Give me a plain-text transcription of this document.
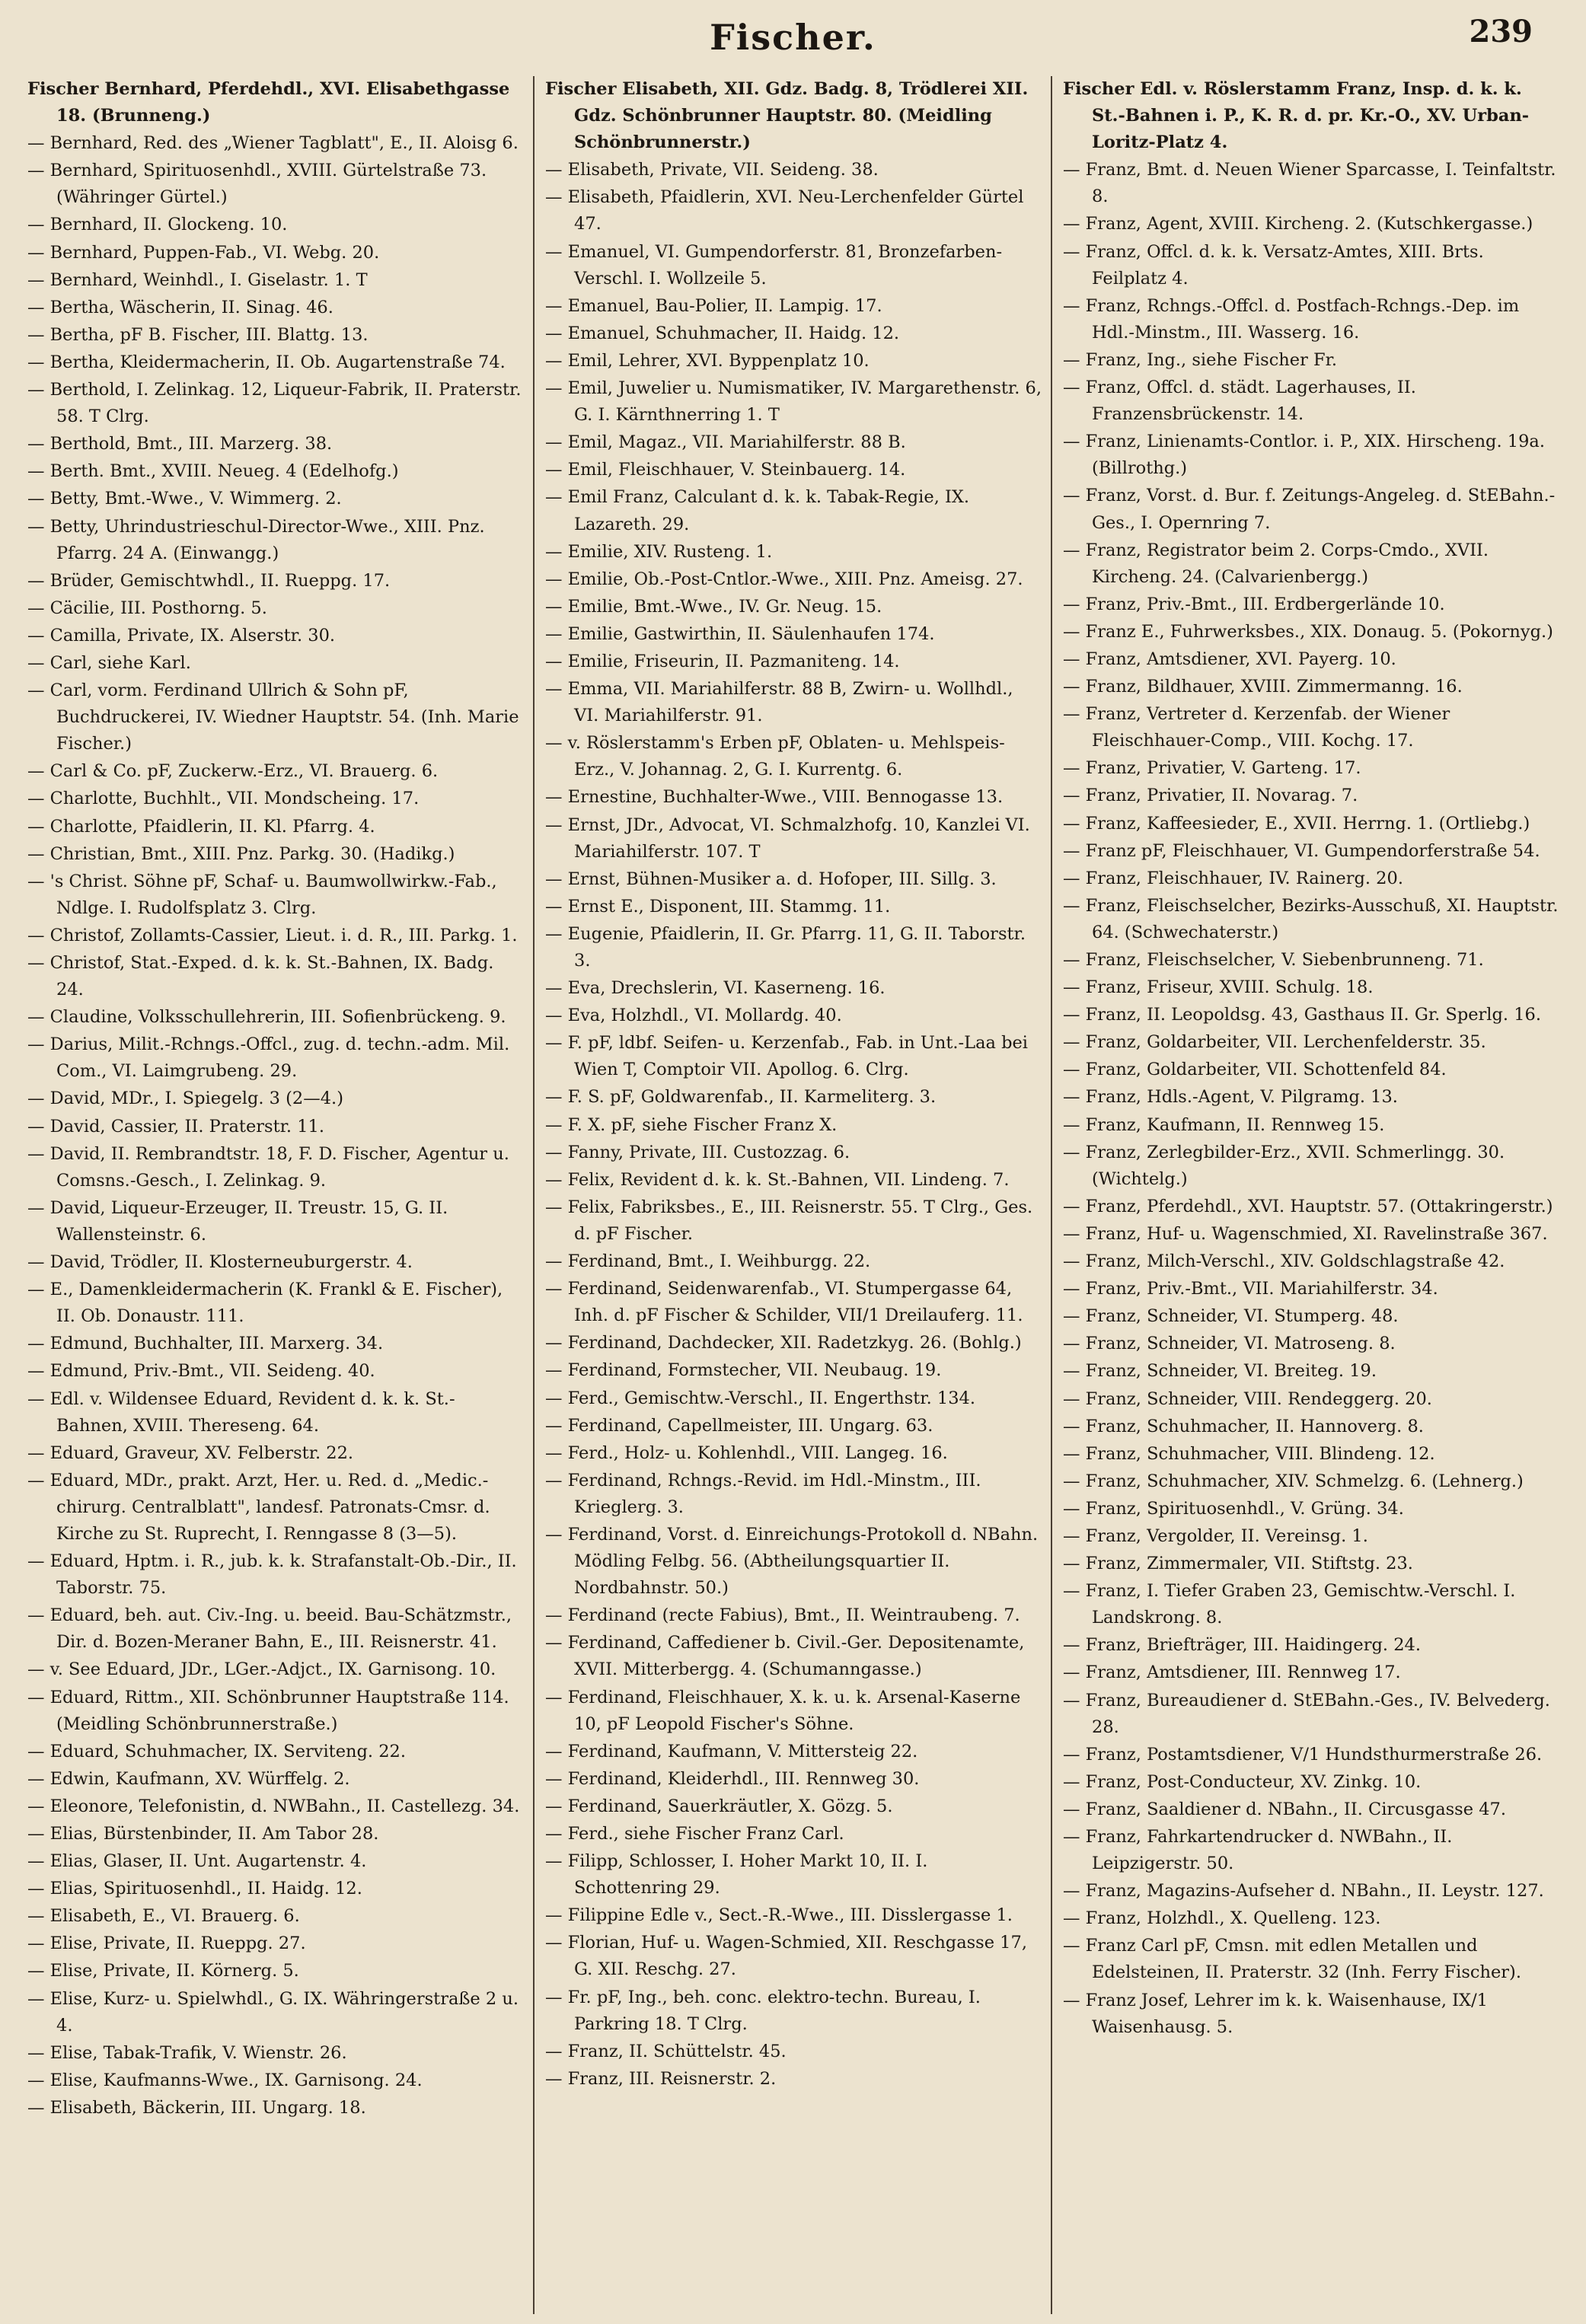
Fischer.	239

Fischer Bernhard, Pferdehdl., XVI. Elisabethgasse 18. (Brunneng.)

— Bernhard, Red. des „Wiener Tagblatt", E., II. Aloisg 6.

— Bernhard, Spirituosenhdl., XVIII. Gürtelstraße 73. (Währinger Gürtel.)

— Bernhard, II. Glockeng. 10.

— Bernhard, Puppen-Fab., VI. Webg. 20.

— Bernhard, Weinhdl., I. Giselastr. 1. T

— Bertha, Wäscherin, II. Sinag. 46.

— Bertha, pF B. Fischer, III. Blattg. 13.

— Bertha, Kleidermacherin, II. Ob. Augartenstraße 74.

— Berthold, I. Zelinkag. 12, Liqueur-Fabrik, II. Praterstr. 58. T Clrg.

— Berthold, Bmt., III. Marzerg. 38.

— Berth. Bmt., XVIII. Neueg. 4 (Edelhofg.)

— Betty, Bmt.-Wwe., V. Wimmerg. 2.

— Betty, Uhrindustrieschul-Director-Wwe., XIII. Pnz. Pfarrg. 24 A. (Einwangg.)

— Brüder, Gemischtwhdl., II. Rueppg. 17.

— Cäcilie, III. Posthorng. 5.

— Camilla, Private, IX. Alserstr. 30.

— Carl, siehe Karl.

— Carl, vorm. Ferdinand Ullrich & Sohn pF, Buchdruckerei, IV. Wiedner Hauptstr. 54. (Inh. Marie Fischer.)

— Carl & Co. pF, Zuckerw.-Erz., VI. Brauerg. 6.

— Charlotte, Buchhlt., VII. Mondscheing. 17.

— Charlotte, Pfaidlerin, II. Kl. Pfarrg. 4.

— Christian, Bmt., XIII. Pnz. Parkg. 30. (Hadikg.)

— 's Christ. Söhne pF, Schaf- u. Baumwollwirkw.-Fab., Ndlge. I. Rudolfsplatz 3. Clrg.

— Christof, Zollamts-Cassier, Lieut. i. d. R., III. Parkg. 1.

— Christof, Stat.-Exped. d. k. k. St.-Bahnen, IX. Badg. 24.

— Claudine, Volksschullehrerin, III. Sofienbrückeng. 9.

— Darius, Milit.-Rchngs.-Offcl., zug. d. techn.-adm. Mil. Com., VI. Laimgrubeng. 29.

— David, MDr., I. Spiegelg. 3 (2—4.)

— David, Cassier, II. Praterstr. 11.

— David, II. Rembrandtstr. 18, F. D. Fischer, Agentur u. Comsns.-Gesch., I. Zelinkag. 9.

— David, Liqueur-Erzeuger, II. Treustr. 15, G. II. Wallensteinstr. 6.

— David, Trödler, II. Klosterneuburgerstr. 4.

— E., Damenkleidermacherin (K. Frankl & E. Fischer), II. Ob. Donaustr. 111.

— Edmund, Buchhalter, III. Marxerg. 34.

— Edmund, Priv.-Bmt., VII. Seideng. 40.

— Edl. v. Wildensee Eduard, Revident d. k. k. St.-Bahnen, XVIII. Thereseng. 64.

— Eduard, Graveur, XV. Felberstr. 22.

— Eduard, MDr., prakt. Arzt, Her. u. Red. d. „Medic.-chirurg. Centralblatt", landesf. Patronats-Cmsr. d. Kirche zu St. Ruprecht, I. Renngasse 8 (3—5).

— Eduard, Hptm. i. R., jub. k. k. Strafanstalt-Ob.-Dir., II. Taborstr. 75.

— Eduard, beh. aut. Civ.-Ing. u. beeid. Bau-Schätzmstr., Dir. d. Bozen-Meraner Bahn, E., III. Reisnerstr. 41.

— v. See Eduard, JDr., LGer.-Adjct., IX. Garnisong. 10.

— Eduard, Rittm., XII. Schönbrunner Hauptstraße 114. (Meidling Schönbrunnerstraße.)

— Eduard, Schuhmacher, IX. Serviteng. 22.

— Edwin, Kaufmann, XV. Würffelg. 2.

— Eleonore, Telefonistin, d. NWBahn., II. Castellezg. 34.

— Elias, Bürstenbinder, II. Am Tabor 28.

— Elias, Glaser, II. Unt. Augartenstr. 4.

— Elias, Spirituosenhdl., II. Haidg. 12.

— Elisabeth, E., VI. Brauerg. 6.

— Elise, Private, II. Rueppg. 27.

— Elise, Private, II. Körnerg. 5.

— Elise, Kurz- u. Spielwhdl., G. IX. Währingerstraße 2 u. 4.

— Elise, Tabak-Trafik, V. Wienstr. 26.

— Elise, Kaufmanns-Wwe., IX. Garnisong. 24.

— Elisabeth, Bäckerin, III. Ungarg. 18.

Fischer Elisabeth, XII. Gdz. Badg. 8, Trödlerei XII. Gdz. Schönbrunner Hauptstr. 80. (Meidling Schönbrunnerstr.)

— Elisabeth, Private, VII. Seideng. 38.

— Elisabeth, Pfaidlerin, XVI. Neu-Lerchenfelder Gürtel 47.

— Emanuel, VI. Gumpendorferstr. 81, Bronzefarben-Verschl. I. Wollzeile 5.

— Emanuel, Bau-Polier, II. Lampig. 17.

— Emanuel, Schuhmacher, II. Haidg. 12.

— Emil, Lehrer, XVI. Byppenplatz 10.

— Emil, Juwelier u. Numismatiker, IV. Margarethenstr. 6, G. I. Kärnthnerring 1. T

— Emil, Magaz., VII. Mariahilferstr. 88 B.

— Emil, Fleischhauer, V. Steinbauerg. 14.

— Emil Franz, Calculant d. k. k. Tabak-Regie, IX. Lazareth. 29.

— Emilie, XIV. Rusteng. 1.

— Emilie, Ob.-Post-Cntlor.-Wwe., XIII. Pnz. Ameisg. 27.

— Emilie, Bmt.-Wwe., IV. Gr. Neug. 15.

— Emilie, Gastwirthin, II. Säulenhaufen 174.

— Emilie, Friseurin, II. Pazmaniteng. 14.

— Emma, VII. Mariahilferstr. 88 B, Zwirn- u. Wollhdl., VI. Mariahilferstr. 91.

— v. Röslerstamm's Erben pF, Oblaten- u. Mehlspeis-Erz., V. Johannag. 2, G. I. Kurrentg. 6.

— Ernestine, Buchhalter-Wwe., VIII. Bennogasse 13.

— Ernst, JDr., Advocat, VI. Schmalzhofg. 10, Kanzlei VI. Mariahilferstr. 107. T

— Ernst, Bühnen-Musiker a. d. Hofoper, III. Sillg. 3.

— Ernst E., Disponent, III. Stammg. 11.

— Eugenie, Pfaidlerin, II. Gr. Pfarrg. 11, G. II. Taborstr. 3.

— Eva, Drechslerin, VI. Kaserneng. 16.

— Eva, Holzhdl., VI. Mollardg. 40.

— F. pF, ldbf. Seifen- u. Kerzenfab., Fab. in Unt.-Laa bei Wien T, Comptoir VII. Apollog. 6. Clrg.

— F. S. pF, Goldwarenfab., II. Karmeliterg. 3.

— F. X. pF, siehe Fischer Franz X.

— Fanny, Private, III. Custozzag. 6.

— Felix, Revident d. k. k. St.-Bahnen, VII. Lindeng. 7.

— Felix, Fabriksbes., E., III. Reisnerstr. 55. T Clrg., Ges. d. pF Fischer.

— Ferdinand, Bmt., I. Weihburgg. 22.

— Ferdinand, Seidenwarenfab., VI. Stumpergasse 64, Inh. d. pF Fischer & Schilder, VII/1 Dreilauferg. 11.

— Ferdinand, Dachdecker, XII. Radetzkyg. 26. (Bohlg.)

— Ferdinand, Formstecher, VII. Neubaug. 19.

— Ferd., Gemischtw.-Verschl., II. Engerthstr. 134.

— Ferdinand, Capellmeister, III. Ungarg. 63.

— Ferd., Holz- u. Kohlenhdl., VIII. Langeg. 16.

— Ferdinand, Rchngs.-Revid. im Hdl.-Minstm., III. Krieglerg. 3.

— Ferdinand, Vorst. d. Einreichungs-Protokoll d. NBahn. Mödling Felbg. 56. (Abtheilungsquartier II. Nordbahnstr. 50.)

— Ferdinand (recte Fabius), Bmt., II. Weintraubeng. 7.

— Ferdinand, Caffediener b. Civil.-Ger. Depositenamte, XVII. Mitterbergg. 4. (Schumanngasse.)

— Ferdinand, Fleischhauer, X. k. u. k. Arsenal-Kaserne 10, pF Leopold Fischer's Söhne.

— Ferdinand, Kaufmann, V. Mittersteig 22.

— Ferdinand, Kleiderhdl., III. Rennweg 30.

— Ferdinand, Sauerkräutler, X. Gözg. 5.

— Ferd., siehe Fischer Franz Carl.

— Filipp, Schlosser, I. Hoher Markt 10, II. I. Schottenring 29.

— Filippine Edle v., Sect.-R.-Wwe., III. Disslergasse 1.

— Florian, Huf- u. Wagen-Schmied, XII. Reschgasse 17, G. XII. Reschg. 27.

— Fr. pF, Ing., beh. conc. elektro-techn. Bureau, I. Parkring 18. T Clrg.

— Franz, II. Schüttelstr. 45.

— Franz, III. Reisnerstr. 2.

Fischer Edl. v. Röslerstamm Franz, Insp. d. k. k. St.-Bahnen i. P., K. R. d. pr. Kr.-O., XV. Urban-Loritz-Platz 4.

— Franz, Bmt. d. Neuen Wiener Sparcasse, I. Teinfaltstr. 8.

— Franz, Agent, XVIII. Kircheng. 2. (Kutschkergasse.)

— Franz, Offcl. d. k. k. Versatz-Amtes, XIII. Brts. Feilplatz 4.

— Franz, Rchngs.-Offcl. d. Postfach-Rchngs.-Dep. im Hdl.-Minstm., III. Wasserg. 16.

— Franz, Ing., siehe Fischer Fr.

— Franz, Offcl. d. städt. Lagerhauses, II. Franzensbrückenstr. 14.

— Franz, Linienamts-Contlor. i. P., XIX. Hirscheng. 19a. (Billrothg.)

— Franz, Vorst. d. Bur. f. Zeitungs-Angeleg. d. StEBahn.-Ges., I. Opernring 7.

— Franz, Registrator beim 2. Corps-Cmdo., XVII. Kircheng. 24. (Calvarienbergg.)

— Franz, Priv.-Bmt., III. Erdbergerlände 10.

— Franz E., Fuhrwerksbes., XIX. Donaug. 5. (Pokornyg.)

— Franz, Amtsdiener, XVI. Payerg. 10.

— Franz, Bildhauer, XVIII. Zimmermanng. 16.

— Franz, Vertreter d. Kerzenfab. der Wiener Fleischhauer-Comp., VIII. Kochg. 17.

— Franz, Privatier, V. Garteng. 17.

— Franz, Privatier, II. Novarag. 7.

— Franz, Kaffeesieder, E., XVII. Herrng. 1. (Ortliebg.)

— Franz pF, Fleischhauer, VI. Gumpendorferstraße 54.

— Franz, Fleischhauer, IV. Rainerg. 20.

— Franz, Fleischselcher, Bezirks-Ausschuß, XI. Hauptstr. 64. (Schwechaterstr.)

— Franz, Fleischselcher, V. Siebenbrunneng. 71.

— Franz, Friseur, XVIII. Schulg. 18.

— Franz, II. Leopoldsg. 43, Gasthaus II. Gr. Sperlg. 16.

— Franz, Goldarbeiter, VII. Lerchenfelderstr. 35.

— Franz, Goldarbeiter, VII. Schottenfeld 84.

— Franz, Hdls.-Agent, V. Pilgramg. 13.

— Franz, Kaufmann, II. Rennweg 15.

— Franz, Zerlegbilder-Erz., XVII. Schmerlingg. 30. (Wichtelg.)

— Franz, Pferdehdl., XVI. Hauptstr. 57. (Ottakringerstr.)

— Franz, Huf- u. Wagenschmied, XI. Ravelinstraße 367.

— Franz, Milch-Verschl., XIV. Goldschlagstraße 42.

— Franz, Priv.-Bmt., VII. Mariahilferstr. 34.

— Franz, Schneider, VI. Stumperg. 48.

— Franz, Schneider, VI. Matroseng. 8.

— Franz, Schneider, VI. Breiteg. 19.

— Franz, Schneider, VIII. Rendeggerg. 20.

— Franz, Schuhmacher, II. Hannoverg. 8.

— Franz, Schuhmacher, VIII. Blindeng. 12.

— Franz, Schuhmacher, XIV. Schmelzg. 6. (Lehnerg.)

— Franz, Spirituosenhdl., V. Grüng. 34.

— Franz, Vergolder, II. Vereinsg. 1.

— Franz, Zimmermaler, VII. Stiftstg. 23.

— Franz, I. Tiefer Graben 23, Gemischtw.-Verschl. I. Landskrong. 8.

— Franz, Briefträger, III. Haidingerg. 24.

— Franz, Amtsdiener, III. Rennweg 17.

— Franz, Bureaudiener d. StEBahn.-Ges., IV. Belvederg. 28.

— Franz, Postamtsdiener, V/1 Hundsthurmerstraße 26.

— Franz, Post-Conducteur, XV. Zinkg. 10.

— Franz, Saaldiener d. NBahn., II. Circusgasse 47.

— Franz, Fahrkartendrucker d. NWBahn., II. Leipzigerstr. 50.

— Franz, Magazins-Aufseher d. NBahn., II. Leystr. 127.

— Franz, Holzhdl., X. Quelleng. 123.

— Franz Carl pF, Cmsn. mit edlen Metallen und Edelsteinen, II. Praterstr. 32 (Inh. Ferry Fischer).

— Franz Josef, Lehrer im k. k. Waisenhause, IX/1 Waisenhausg. 5.
